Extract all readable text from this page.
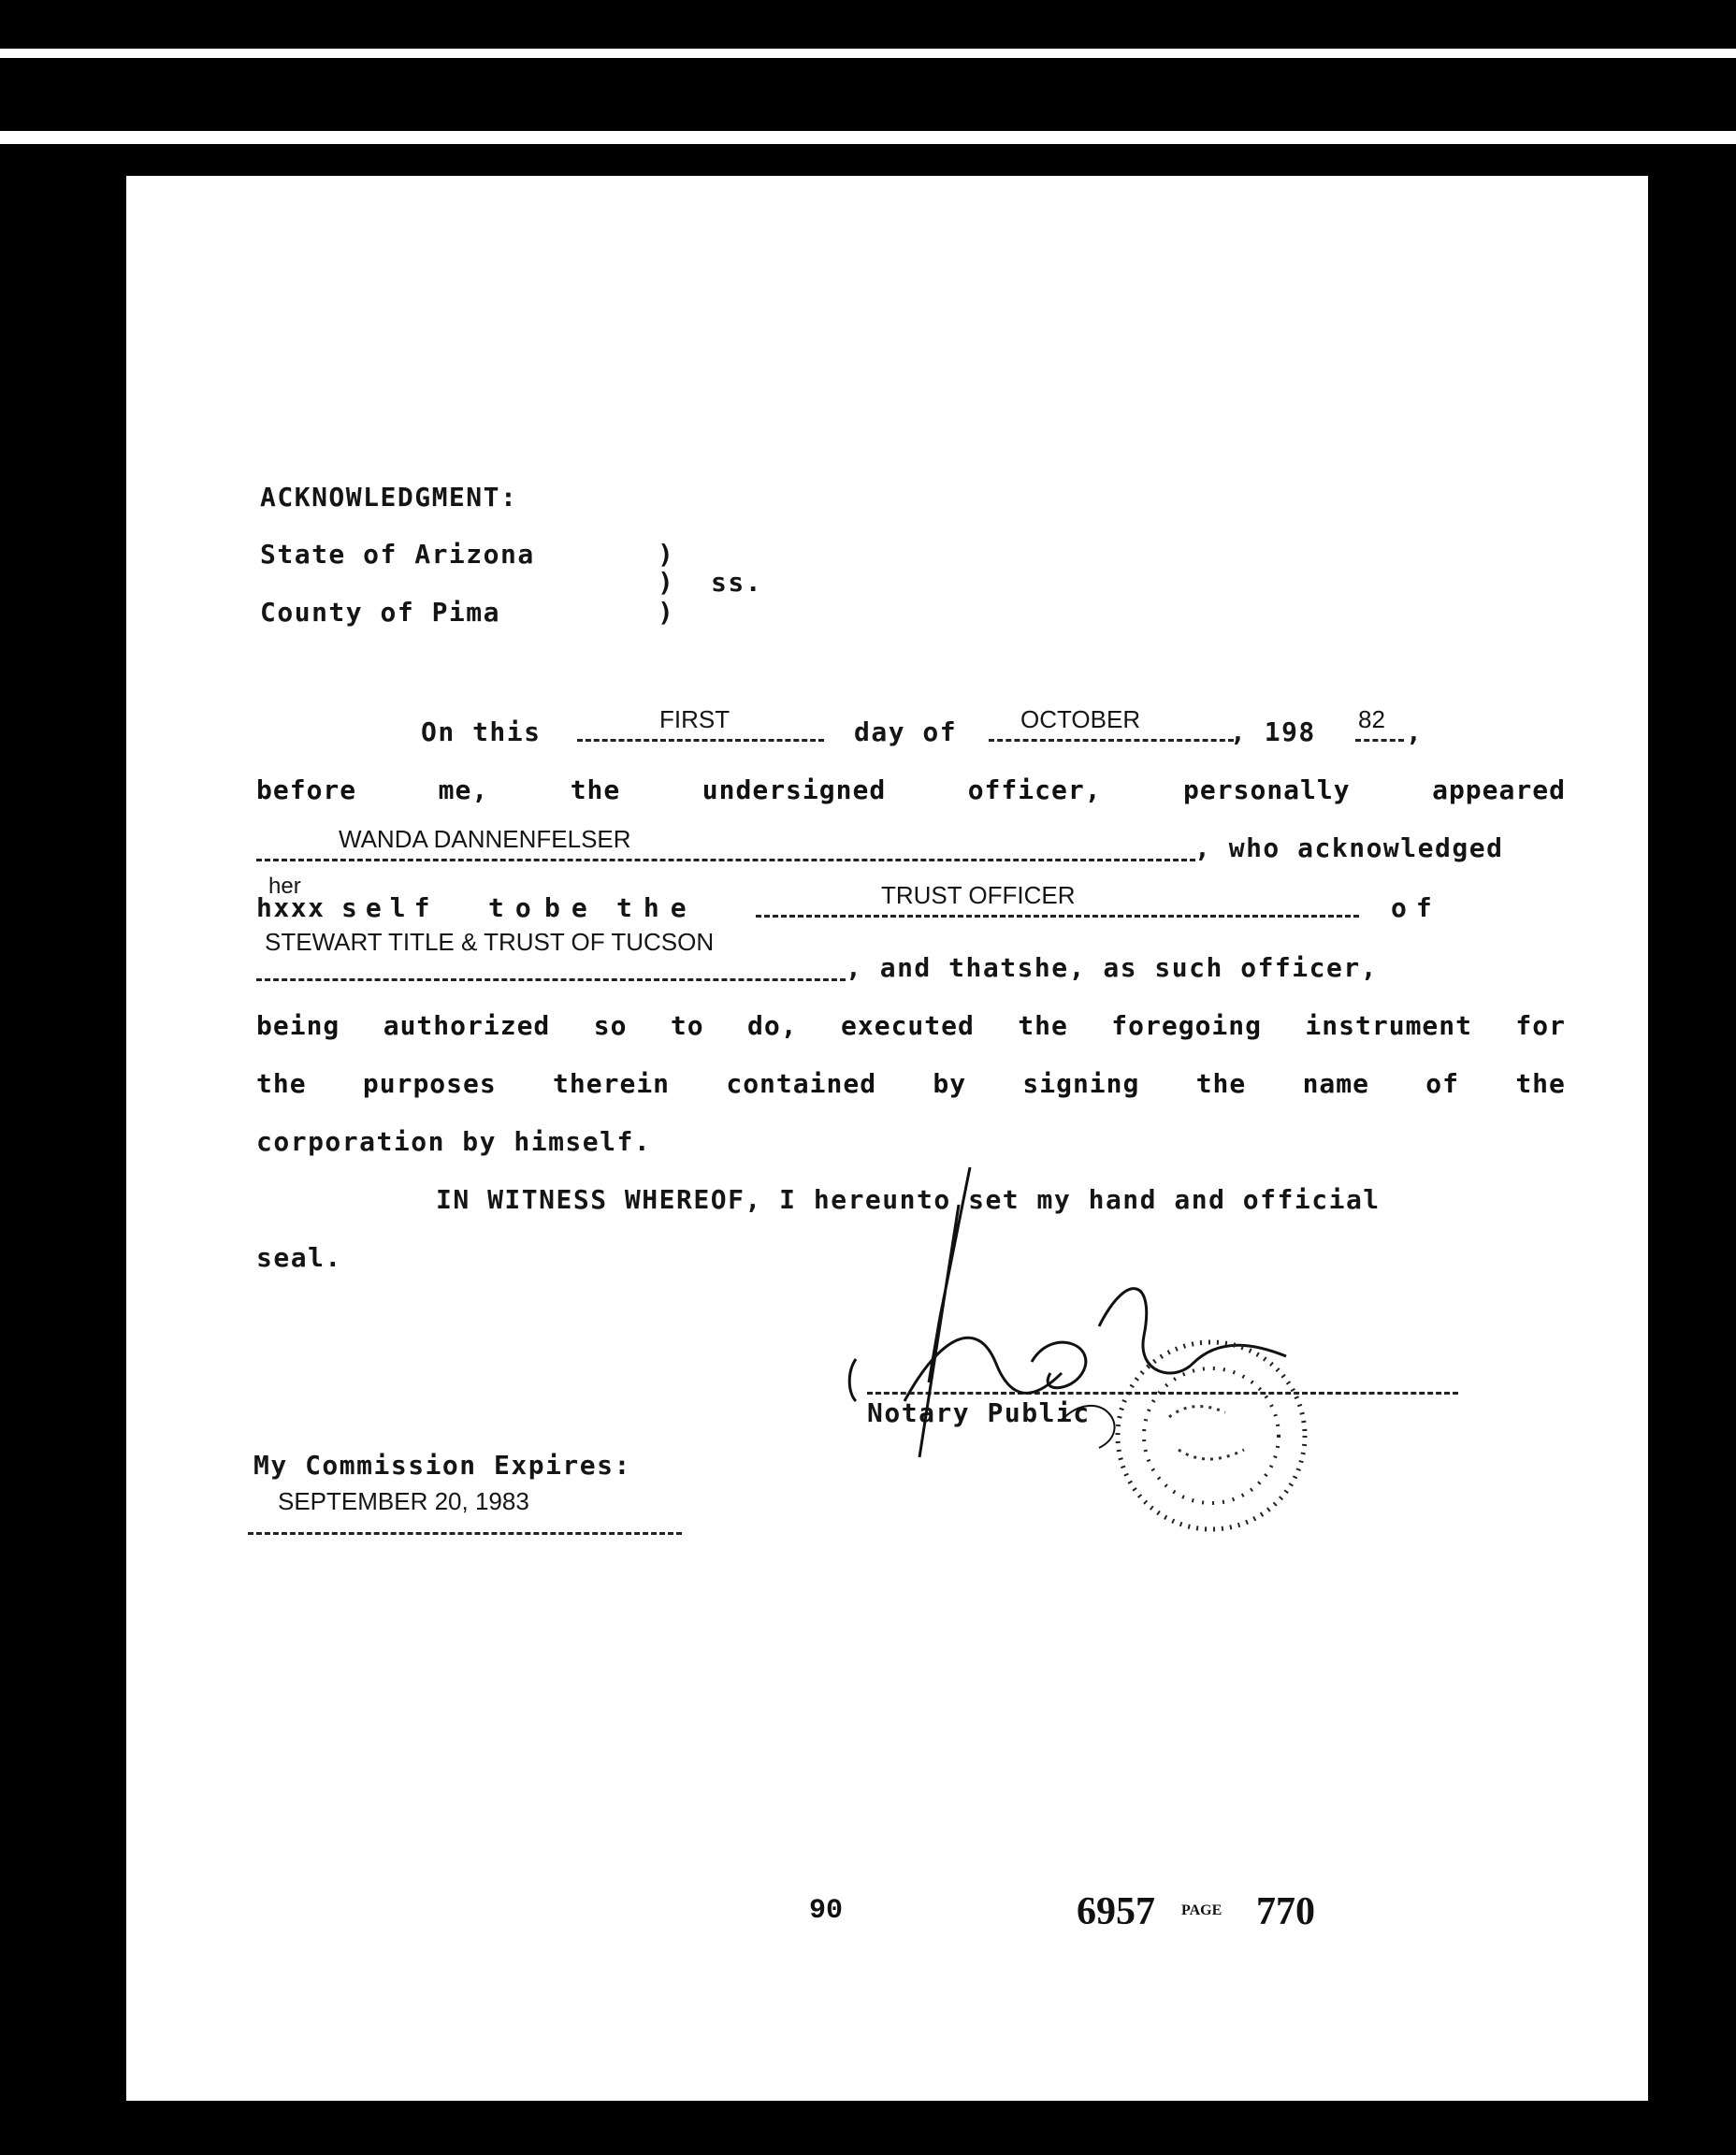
ACKNOWLEDGMENT:
State of Arizona
County of Pima
)
)
)
ss.
On this	FIRST	day of	OCTOBER	, 198 82 ,
before	me,	the	undersigned	officer,	personally	appeared
WANDA DANNENFELSER	, who acknowledged
her
hxxx self to be the	TRUST OFFICER	of
STEWART TITLE & TRUST OF TUCSON
, and thatshe, as such officer,
being authorized so to do, executed the foregoing instrument for
the purposes therein contained by signing the name of the
corporation by himself.
IN WITNESS WHEREOF, I hereunto set my hand and official
seal.
Notary Public
My Commission Expires:
SEPTEMBER 20, 1983
90	6957 PAGE 770
